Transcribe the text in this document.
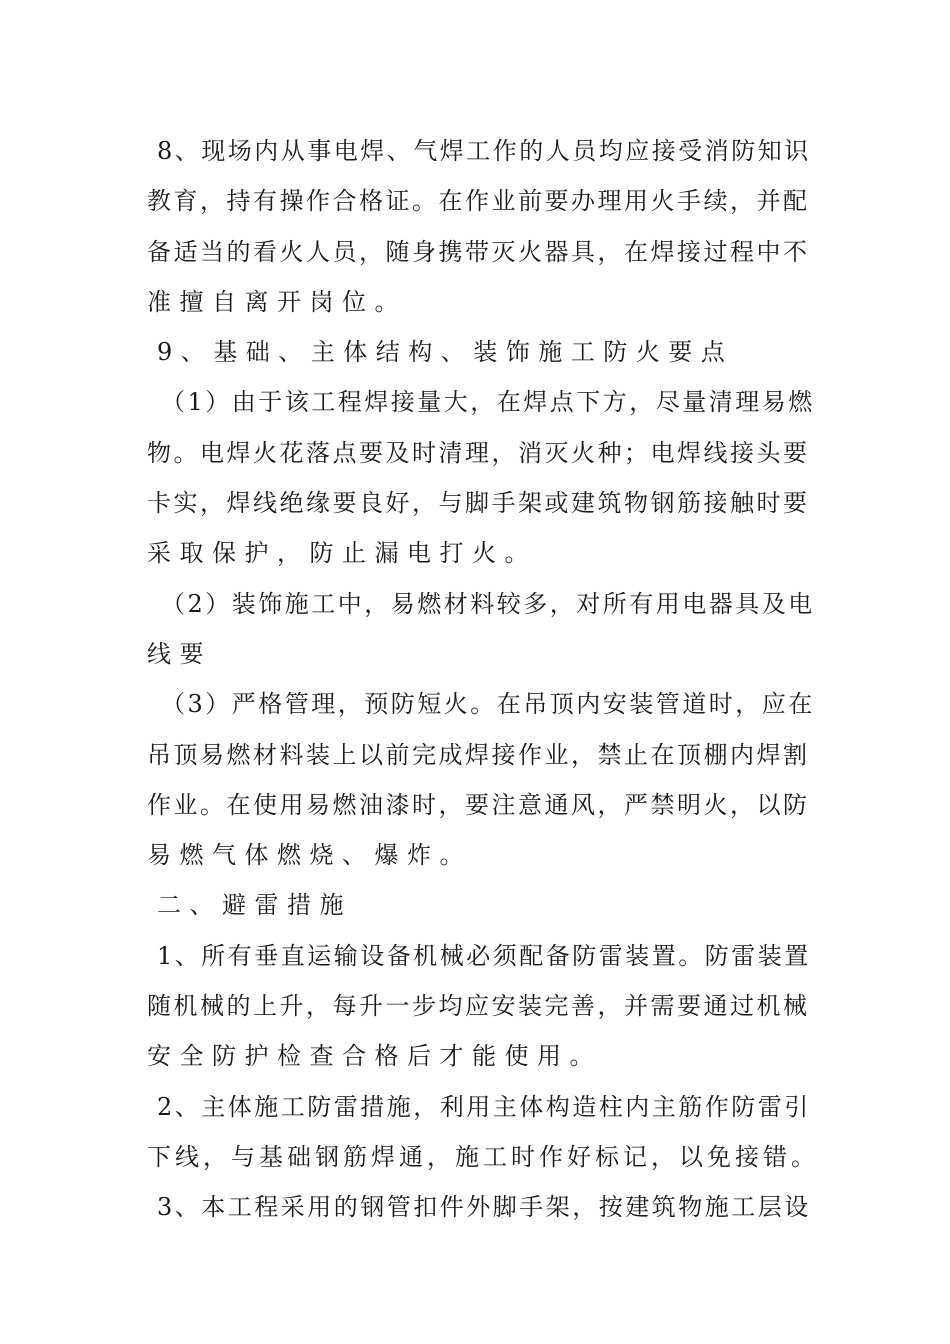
8、现场内从事电焊、气焊工作的人员均应接受消防知识
教育，持有操作合格证。在作业前要办理用火手续，并配
备适当的看火人员，随身携带灭火器具，在焊接过程中不
准擅自离开岗位。
9、基础、主体结构、装饰施工防火要点
（1）由于该工程焊接量大，在焊点下方，尽量清理易燃
物。电焊火花落点要及时清理，消灭火种；电焊线接头要
卡实，焊线绝缘要良好，与脚手架或建筑物钢筋接触时要
采取保护，防止漏电打火。
（2）装饰施工中，易燃材料较多，对所有用电器具及电
线要
（3）严格管理，预防短火。在吊顶内安装管道时，应在
吊顶易燃材料装上以前完成焊接作业，禁止在顶棚内焊割
作业。在使用易燃油漆时，要注意通风，严禁明火，以防
易燃气体燃烧、爆炸。
二、避雷措施
1、所有垂直运输设备机械必须配备防雷装置。防雷装置
随机械的上升，每升一步均应安装完善，并需要通过机械
安全防护检查合格后才能使用。
2、主体施工防雷措施，利用主体构造柱内主筋作防雷引
下线，与基础钢筋焊通，施工时作好标记，以免接错。
3、本工程采用的钢管扣件外脚手架，按建筑物施工层设
